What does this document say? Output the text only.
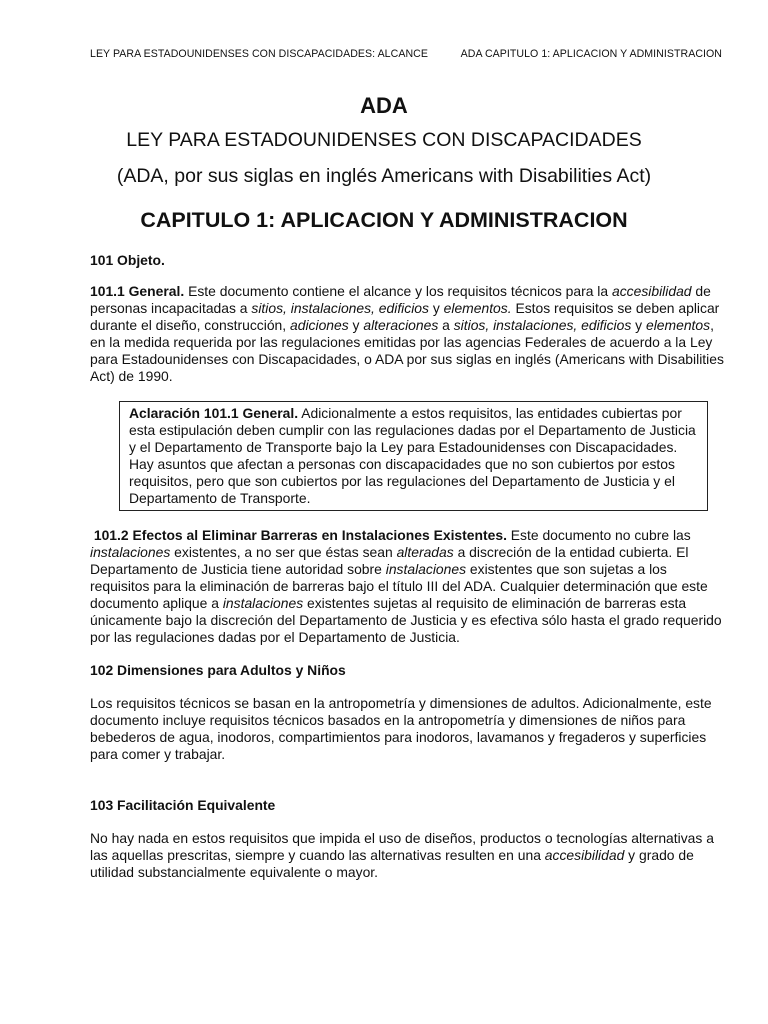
LEY PARA ESTADOUNIDENSES CON DISCAPACIDADES: ALCANCE	ADA CAPITULO 1: APLICACION Y ADMINISTRACION

ADA

LEY PARA ESTADOUNIDENSES CON DISCAPACIDADES

(ADA, por sus siglas en inglés Americans with Disabilities Act)

CAPITULO 1: APLICACION Y ADMINISTRACION

101 Objeto.

101.1 General. Este documento contiene el alcance y los requisitos técnicos para la accesibilidad de personas incapacitadas a sitios, instalaciones, edificios y elementos. Estos requisitos se deben aplicar durante el diseño, construcción, adiciones y alteraciones a sitios, instalaciones, edificios y elementos, en la medida requerida por las regulaciones emitidas por las agencias Federales de acuerdo a la Ley para Estadounidenses con Discapacidades, o ADA por sus siglas en inglés (Americans with Disabilities Act) de 1990.

Aclaración 101.1 General. Adicionalmente a estos requisitos, las entidades cubiertas por esta estipulación deben cumplir con las regulaciones dadas por el Departamento de Justicia y el Departamento de Transporte bajo la Ley para Estadounidenses con Discapacidades. Hay asuntos que afectan a personas con discapacidades que no son cubiertos por estos requisitos, pero que son cubiertos por las regulaciones del Departamento de Justicia y el Departamento de Transporte.

101.2 Efectos al Eliminar Barreras en Instalaciones Existentes. Este documento no cubre las instalaciones existentes, a no ser que éstas sean alteradas a discreción de la entidad cubierta. El Departamento de Justicia tiene autoridad sobre instalaciones existentes que son sujetas a los requisitos para la eliminación de barreras bajo el título III del ADA. Cualquier determinación que este documento aplique a instalaciones existentes sujetas al requisito de eliminación de barreras esta únicamente bajo la discreción del Departamento de Justicia y es efectiva sólo hasta el grado requerido por las regulaciones dadas por el Departamento de Justicia.

102 Dimensiones para Adultos y Niños

Los requisitos técnicos se basan en la antropometría y dimensiones de adultos. Adicionalmente, este documento incluye requisitos técnicos basados en la antropometría y dimensiones de niños para bebederos de agua, inodoros, compartimientos para inodoros, lavamanos y fregaderos y superficies para comer y trabajar.

103 Facilitación Equivalente

No hay nada en estos requisitos que impida el uso de diseños, productos o tecnologías alternativas a las aquellas prescritas, siempre y cuando las alternativas resulten en una accesibilidad y grado de utilidad substancialmente equivalente o mayor.
